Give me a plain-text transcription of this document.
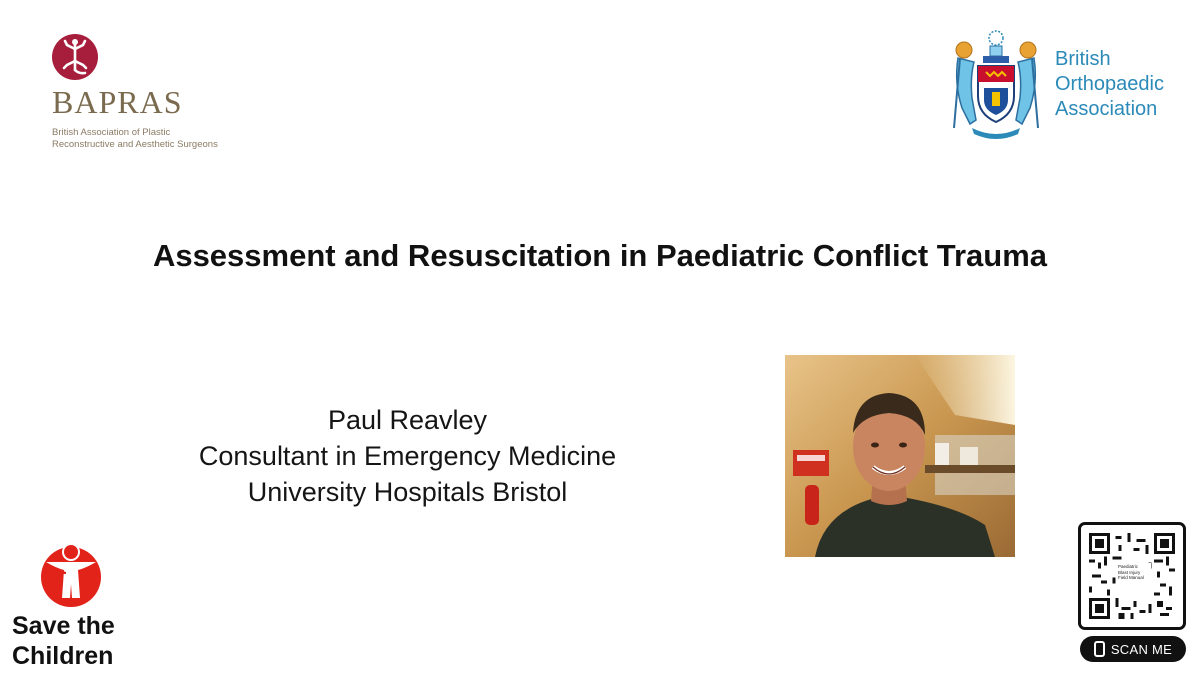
BAPRAS
British Association of Plastic
Reconstructive and Aesthetic Surgeons
British
Orthopaedic
Association
Assessment and Resuscitation in Paediatric Conflict Trauma
Paul Reavley
Consultant in Emergency Medicine
University Hospitals Bristol
Save the
Children
Paediatric
Blast Injury
Field Manual
SCAN ME
